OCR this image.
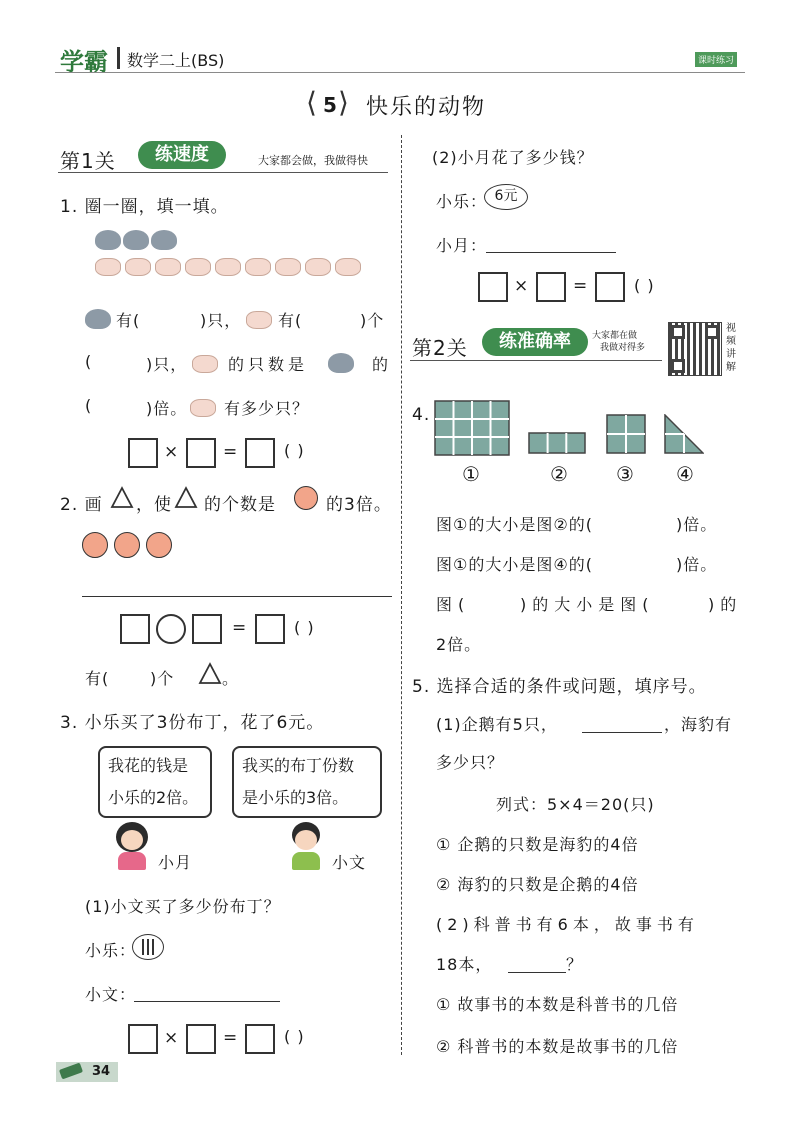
学霸 数学二上(BS)	课时练习
5
⟨ ⟩ 快乐的动物
第1关	练速度	大家都会做，我做得快
1. 圈一圈，填一填。
有(	)只， 有(	)个
(	)只，	的只数是	的
(	)倍。 有多少只？
×	=	( )
2. 画 ，使 的个数是	的3倍。
=	( )
有(	)个	。
3. 小乐买了3份布丁，花了6元。
我花的钱是
小乐的2倍。
我买的布丁份数
是小乐的3倍。
小月	小文
(1)小文买了多少份布丁？
小乐：
小文：
×	=	( )
34
(2)小月花了多少钱？
小乐： 6元
小月：
×	=	( )
第2关	练准确率	大家都在做
我做对得多
视频讲解
4.
①	② ③ ④
图①的大小是图②的(	)倍。
图①的大小是图④的(	)倍。
图(	)的大小是图(	)的
2倍。
5. 选择合适的条件或问题，填序号。
(1)企鹅有5只，	，海豹有
多少只？
列式：5×4＝20(只)
① 企鹅的只数是海豹的4倍
② 海豹的只数是企鹅的4倍
(2)科普书有6本，故事书有
18本，	？
① 故事书的本数是科普书的几倍
② 科普书的本数是故事书的几倍
